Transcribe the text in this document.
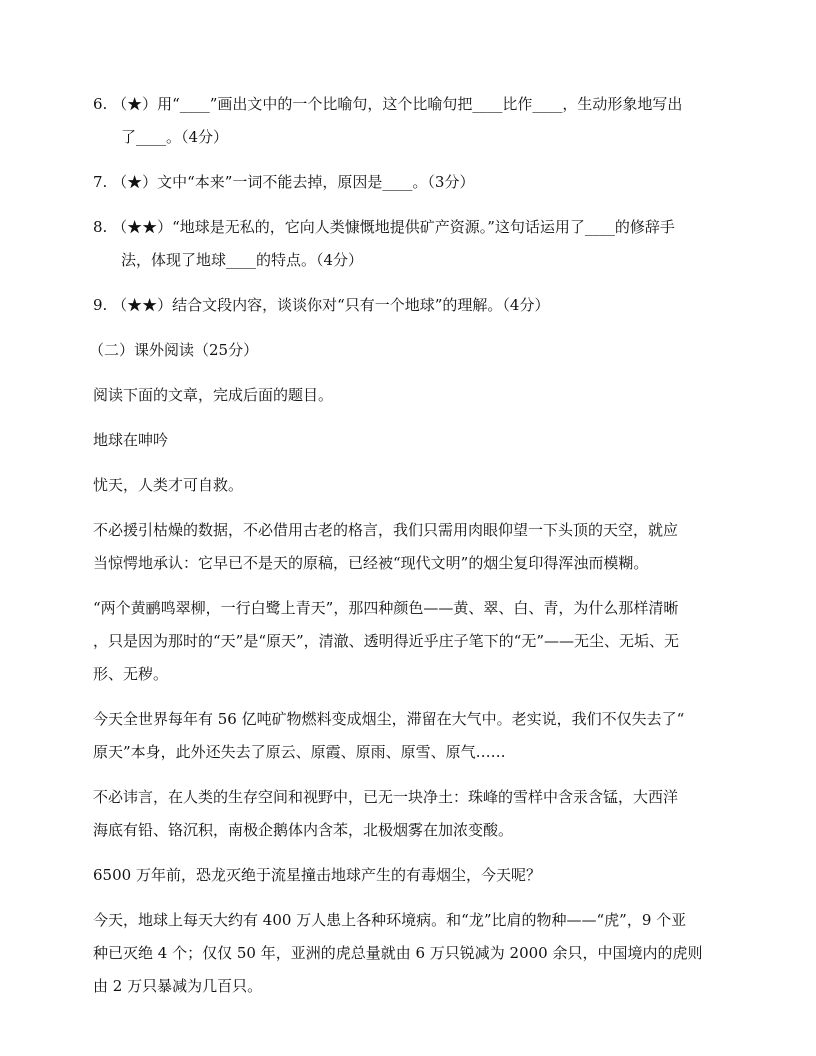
6. （★）用“____”画出文中的一个比喻句，这个比喻句把____比作____，生动形象地写出
了____。（4分）
7. （★）文中“本来”一词不能去掉，原因是____。（3分）
8. （★★）“地球是无私的，它向人类慷慨地提供矿产资源。”这句话运用了____的修辞手
法，体现了地球____的特点。（4分）
9. （★★）结合文段内容，谈谈你对“只有一个地球”的理解。（4分）
（二）课外阅读（25分）
阅读下面的文章，完成后面的题目。
地球在呻吟
忧天，人类才可自救。
不必援引枯燥的数据，不必借用古老的格言，我们只需用肉眼仰望一下头顶的天空，就应
当惊愕地承认：它早已不是天的原稿，已经被“现代文明”的烟尘复印得浑浊而模糊。
“两个黄鹂鸣翠柳，一行白鹭上青天”，那四种颜色——黄、翠、白、青，为什么那样清晰
，只是因为那时的“天”是“原天”，清澈、透明得近乎庄子笔下的“无”——无尘、无垢、无
形、无秽。
今天全世界每年有 56 亿吨矿物燃料变成烟尘，滞留在大气中。老实说，我们不仅失去了“
原天”本身，此外还失去了原云、原霞、原雨、原雪、原气……
不必讳言，在人类的生存空间和视野中，已无一块净土：珠峰的雪样中含汞含锰，大西洋
海底有铅、铬沉积，南极企鹅体内含苯，北极烟雾在加浓变酸。
6500 万年前，恐龙灭绝于流星撞击地球产生的有毒烟尘，今天呢？
今天，地球上每天大约有 400 万人患上各种环境病。和“龙”比肩的物种——“虎”，9 个亚
种已灭绝 4 个；仅仅 50 年，亚洲的虎总量就由 6 万只锐减为 2000 余只，中国境内的虎则
由 2 万只暴减为几百只。
